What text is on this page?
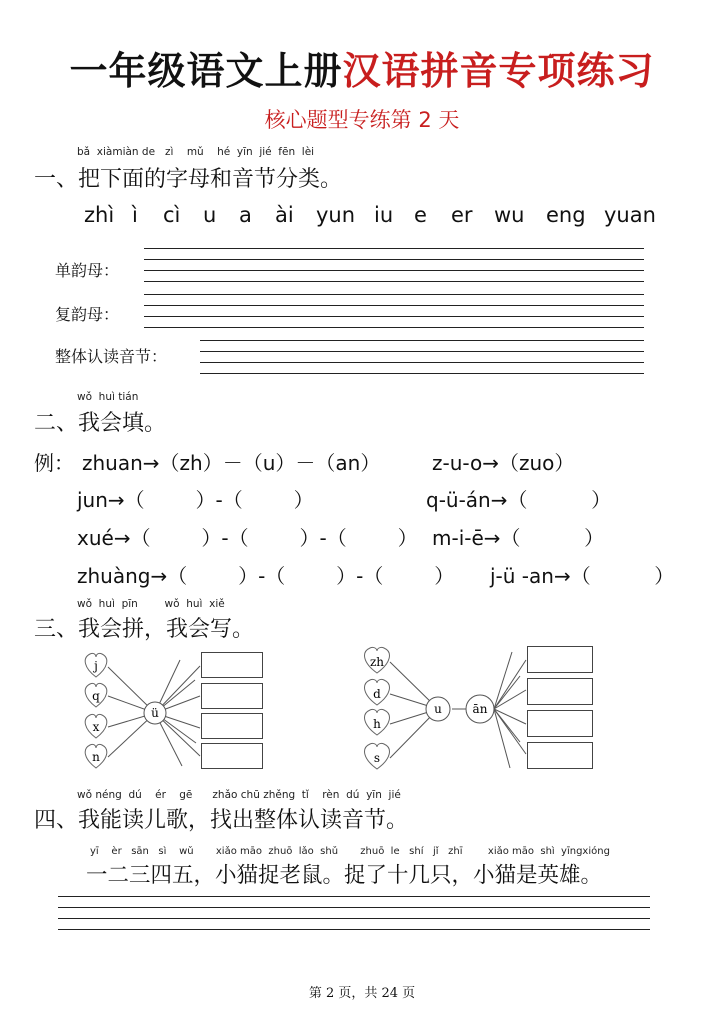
一年级语文上册汉语拼音专项练习
核心题型专练第 2 天
bǎ  xiàmiàn de   zì    mǔ    hé  yīn  jié  fēn  lèi
一、把下面的字母和音节分类。
zhì ì cì u a ài yun iu e er wu eng yuan
单韵母：
复韵母：
整体认读音节：
wǒ  huì tián
二、我会填。
例： zhuan→（zh）－（u）－（an）	z-u-o→（zuo）
jun→（        ）-（        ）	q-ü-án→（          ）
xué→（        ）-（        ）-（        ） m-i-ē→（          ）
zhuàng→（        ）-（        ）-（        ） j-ü -an→（          ）
wǒ  huì  pīn        wǒ  huì  xiě
三、我会拼，我会写。
j
q
x
n
ü
zh
d
h
s
u	ān
wǒ néng  dú    ér    gē      zhǎo chū zhěng  tǐ    rèn  dú  yīn  jié
四、我能读儿歌，找出整体认读音节。
yī    èr   sān   sì    wǔ       xiǎo māo  zhuō  lǎo  shǔ       zhuō  le   shí   jǐ   zhī        xiǎo māo  shì  yīngxióng
一二三四五，小猫捉老鼠。捉了十几只，小猫是英雄。
第 2 页，共 24 页
